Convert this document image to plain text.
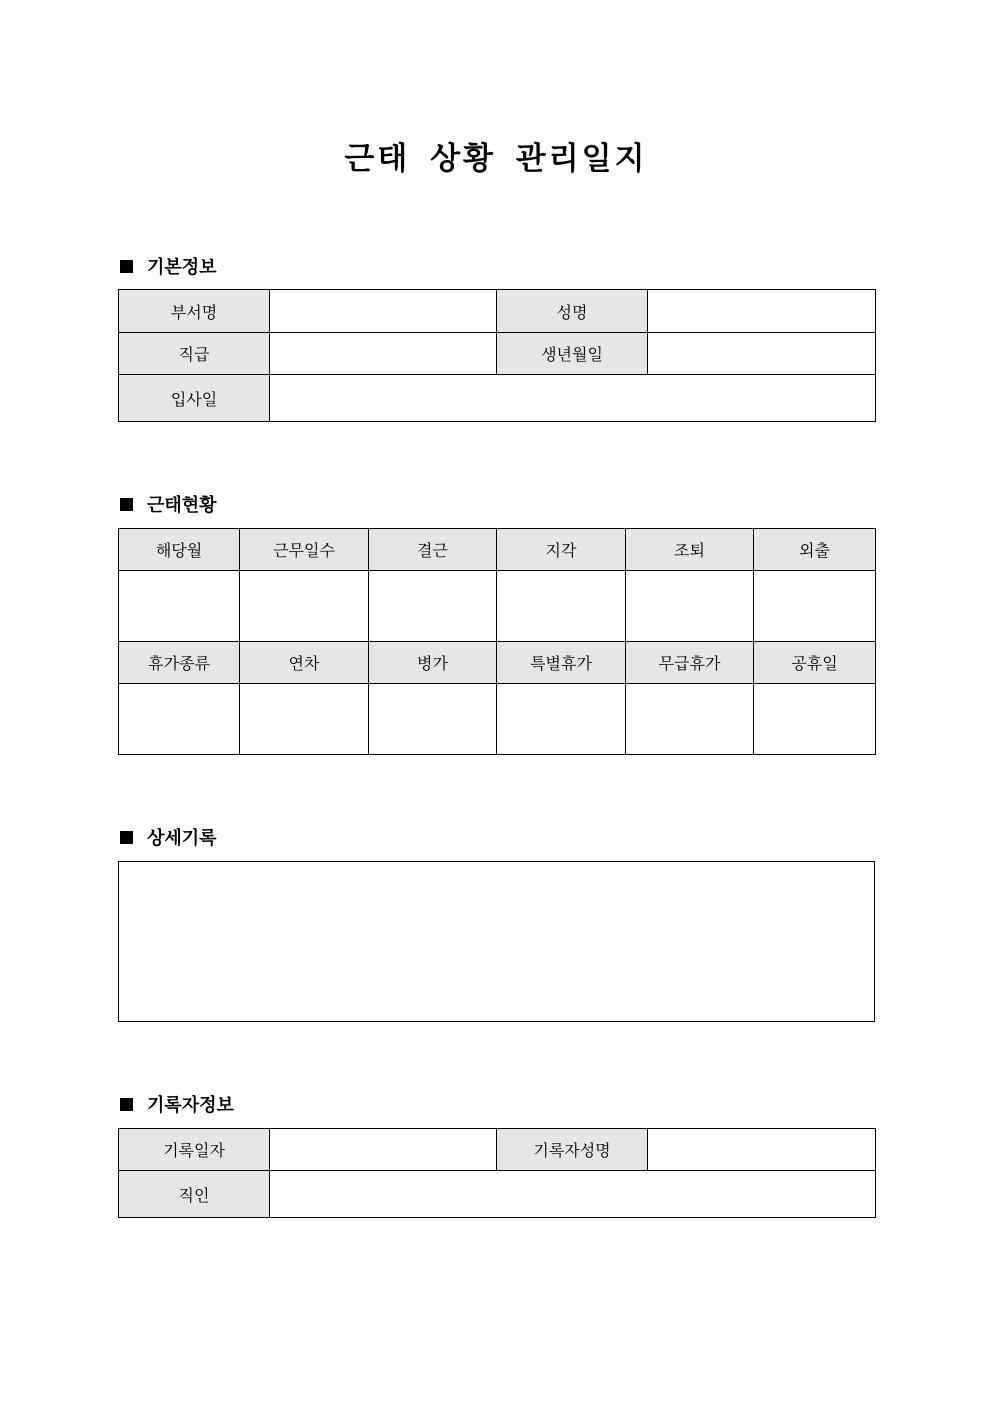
근태 상황 관리일지
기본정보
부서명		성명	
직급		생년월일	
입사일			
근태현황
해당월	근무일수	결근	지각	조퇴	외출

휴가종류	연차	병가	특별휴가	무급휴가	공휴일

상세기록
기록자정보
기록일자		기록자성명	
직인			
